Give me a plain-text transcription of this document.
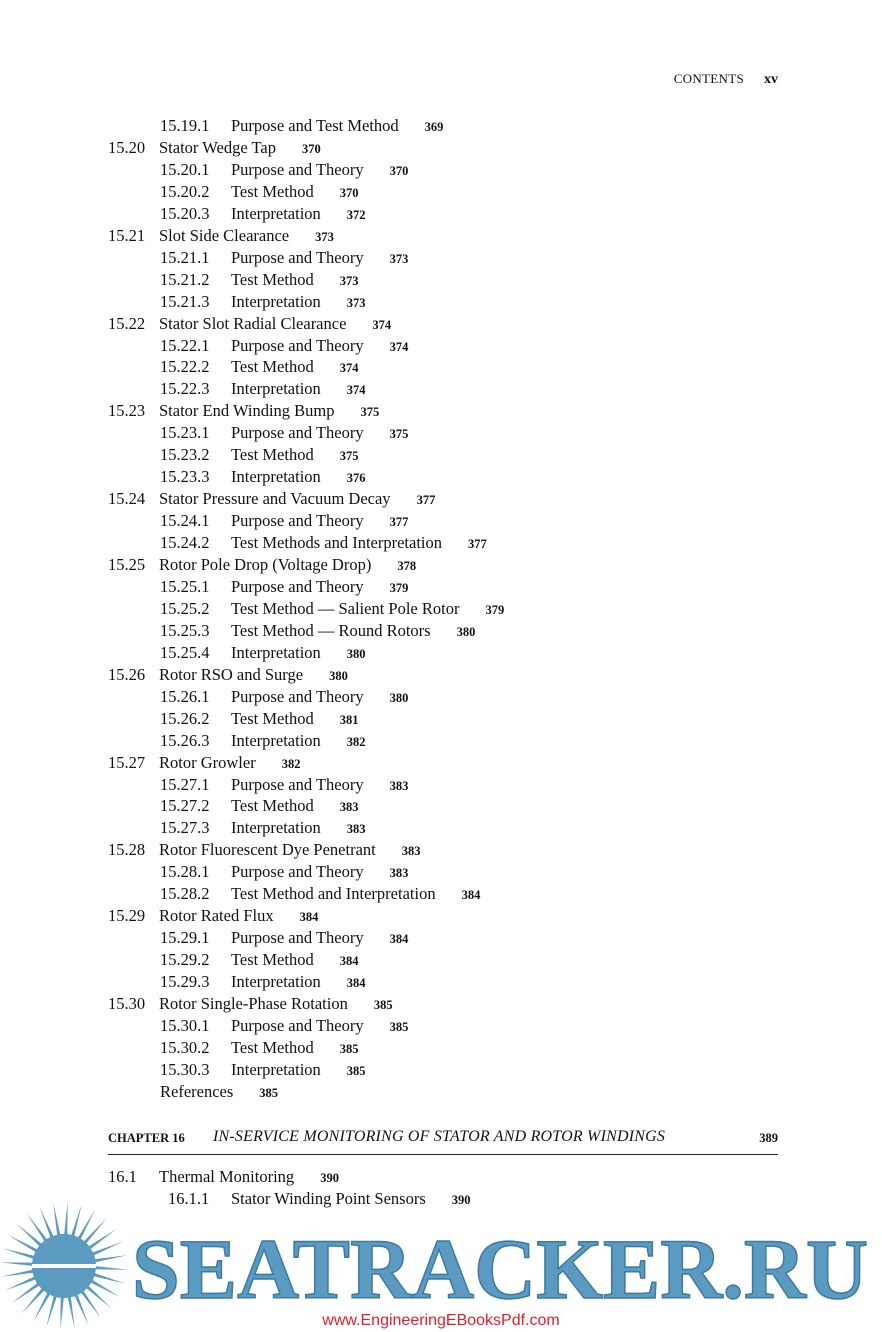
CONTENTS xv
15.19.1 Purpose and Test Method 369
15.20 Stator Wedge Tap 370
15.20.1 Purpose and Theory 370
15.20.2 Test Method 370
15.20.3 Interpretation 372
15.21 Slot Side Clearance 373
15.21.1 Purpose and Theory 373
15.21.2 Test Method 373
15.21.3 Interpretation 373
15.22 Stator Slot Radial Clearance 374
15.22.1 Purpose and Theory 374
15.22.2 Test Method 374
15.22.3 Interpretation 374
15.23 Stator End Winding Bump 375
15.23.1 Purpose and Theory 375
15.23.2 Test Method 375
15.23.3 Interpretation 376
15.24 Stator Pressure and Vacuum Decay 377
15.24.1 Purpose and Theory 377
15.24.2 Test Methods and Interpretation 377
15.25 Rotor Pole Drop (Voltage Drop) 378
15.25.1 Purpose and Theory 379
15.25.2 Test Method — Salient Pole Rotor 379
15.25.3 Test Method — Round Rotors 380
15.25.4 Interpretation 380
15.26 Rotor RSO and Surge 380
15.26.1 Purpose and Theory 380
15.26.2 Test Method 381
15.26.3 Interpretation 382
15.27 Rotor Growler 382
15.27.1 Purpose and Theory 383
15.27.2 Test Method 383
15.27.3 Interpretation 383
15.28 Rotor Fluorescent Dye Penetrant 383
15.28.1 Purpose and Theory 383
15.28.2 Test Method and Interpretation 384
15.29 Rotor Rated Flux 384
15.29.1 Purpose and Theory 384
15.29.2 Test Method 384
15.29.3 Interpretation 384
15.30 Rotor Single-Phase Rotation 385
15.30.1 Purpose and Theory 385
15.30.2 Test Method 385
15.30.3 Interpretation 385
References 385
CHAPTER 16 IN-SERVICE MONITORING OF STATOR AND ROTOR WINDINGS	389
16.1 Thermal Monitoring 390
16.1.1 Stator Winding Point Sensors 390
SEATRACKER.RU
www.EngineeringEBooksPdf.com
